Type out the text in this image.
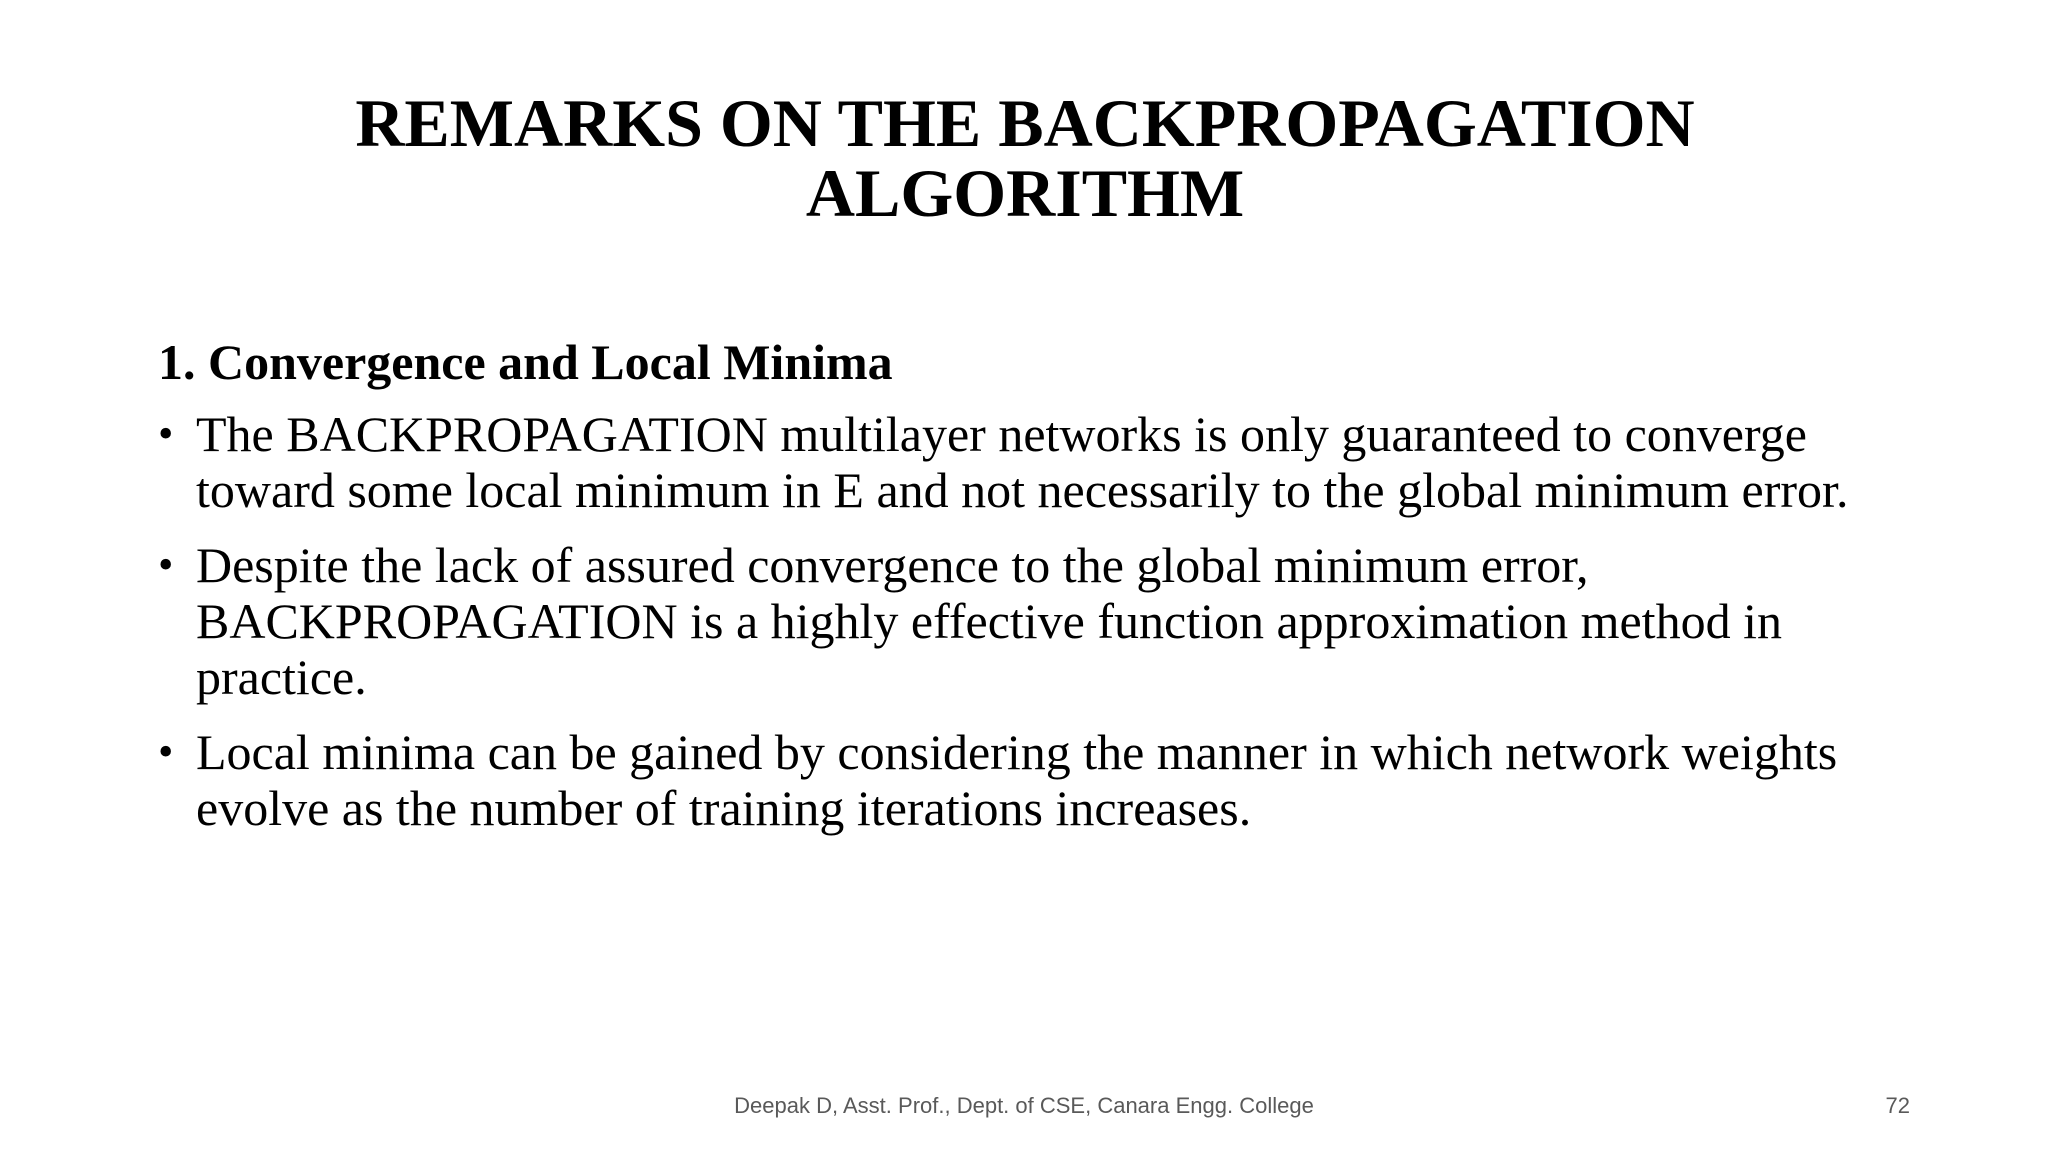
REMARKS ON THE BACKPROPAGATION
ALGORITHM
1. Convergence and Local Minima
• The BACKPROPAGATION multilayer networks is only guaranteed to converge toward some local minimum in E and not necessarily to the global minimum error.
• Despite the lack of assured convergence to the global minimum error, BACKPROPAGATION is a highly effective function approximation method in practice.
• Local minima can be gained by considering the manner in which network weights evolve as the number of training iterations increases.
Deepak D, Asst. Prof., Dept. of CSE, Canara Engg. College	72
